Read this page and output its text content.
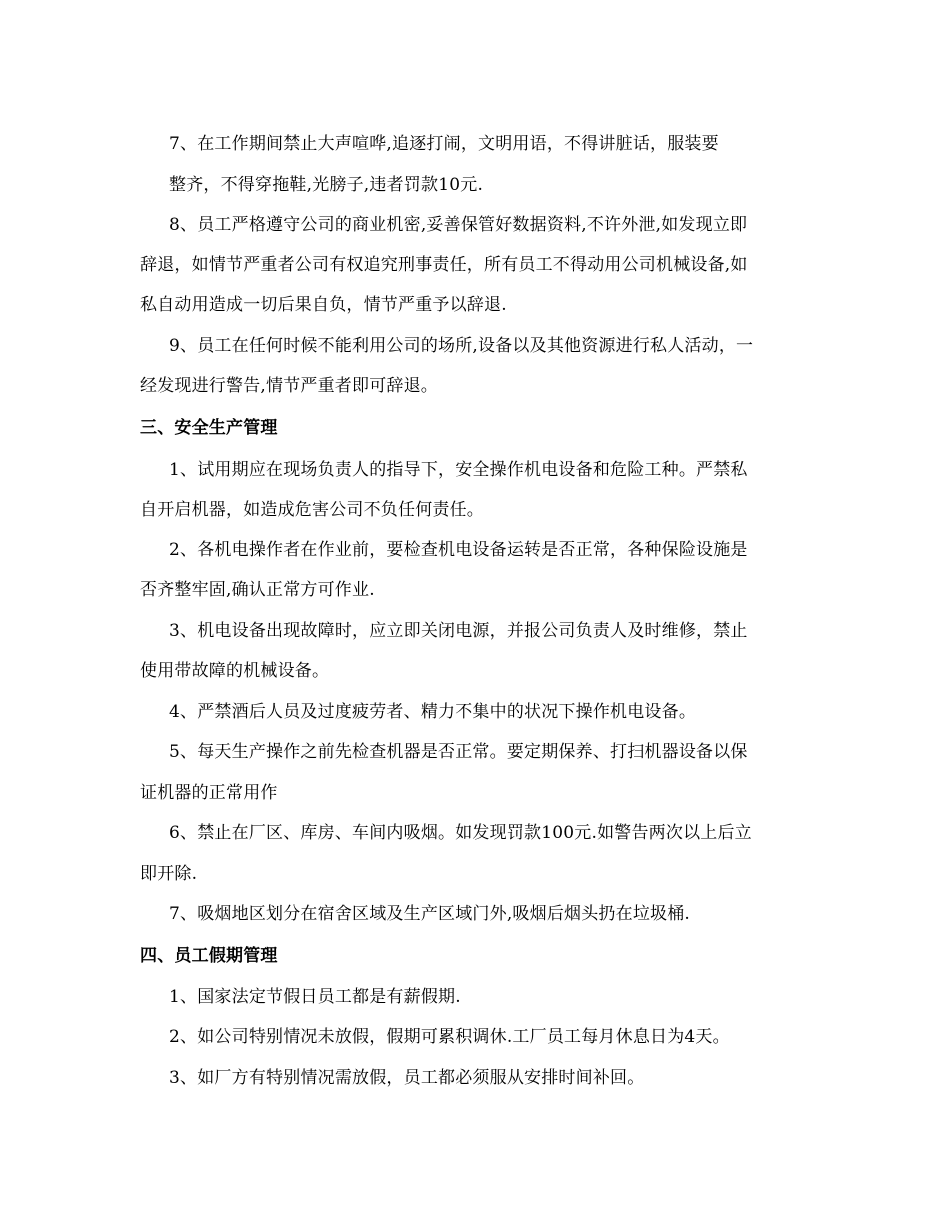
7、在工作期间禁止大声喧哗,追逐打闹，文明用语，不得讲脏话，服装要
整齐，不得穿拖鞋,光膀子,违者罚款10元.
8、员工严格遵守公司的商业机密,妥善保管好数据资料,不许外泄,如发现立即
辞退，如情节严重者公司有权追究刑事责任，所有员工不得动用公司机械设备,如
私自动用造成一切后果自负，情节严重予以辞退.
9、员工在任何时候不能利用公司的场所,设备以及其他资源进行私人活动，一
经发现进行警告,情节严重者即可辞退。
三、安全生产管理
1、试用期应在现场负责人的指导下，安全操作机电设备和危险工种。严禁私
自开启机器，如造成危害公司不负任何责任。
2、各机电操作者在作业前，要检查机电设备运转是否正常，各种保险设施是
否齐整牢固,确认正常方可作业.
3、机电设备出现故障时，应立即关闭电源，并报公司负责人及时维修，禁止
使用带故障的机械设备。
4、严禁酒后人员及过度疲劳者、精力不集中的状况下操作机电设备。
5、每天生产操作之前先检查机器是否正常。要定期保养、打扫机器设备以保
证机器的正常用作
6、禁止在厂区、库房、车间内吸烟。如发现罚款100元.如警告两次以上后立
即开除.
7、吸烟地区划分在宿舍区域及生产区域门外,吸烟后烟头扔在垃圾桶.
四、员工假期管理
1、国家法定节假日员工都是有薪假期.
2、如公司特别情况未放假，假期可累积调休.工厂员工每月休息日为4天。
3、如厂方有特别情况需放假，员工都必须服从安排时间补回。
